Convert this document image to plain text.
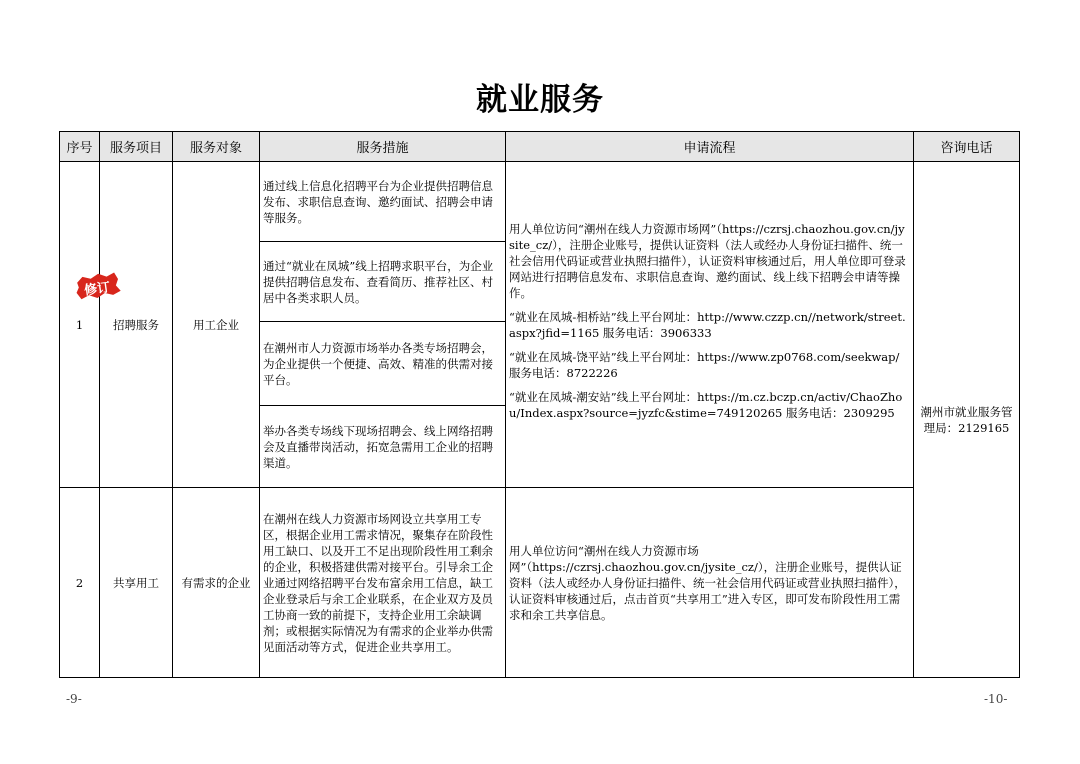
就业服务
序号	服务项目	服务对象	服务措施	申请流程	咨询电话
1	招聘服务	用工企业	通过线上信息化招聘平台为企业提供招聘信息发布、求职信息查询、邀约面试、招聘会申请等服务。	用人单位访问“潮州在线人力资源市场网”（https://czrsj.chaozhou.gov.cn/jysite_cz/），注册企业账号，提供认证资料（法人或经办人身份证扫描件、统一社会信用代码证或营业执照扫描件），认证资料审核通过后，用人单位即可登录网站进行招聘信息发布、求职信息查询、邀约面试、线上线下招聘会申请等操作。

“就业在凤城-相桥站”线上平台网址：http://www.czzp.cn//network/street.aspx?jfid=1165 服务电话：3906333

“就业在凤城-饶平站”线上平台网址：https://www.zp0768.com/seekwap/ 服务电话：8722226

“就业在凤城-潮安站”线上平台网址：https://m.cz.bczp.cn/activ/ChaoZhou/Index.aspx?source=jyzfc&stime=749120265 服务电话：2309295	潮州市就业服务管理局：2129165
			通过“就业在凤城”线上招聘求职平台，为企业提供招聘信息发布、查看简历、推荐社区、村居中各类求职人员。		
			在潮州市人力资源市场举办各类专场招聘会，为企业提供一个便捷、高效、精准的供需对接平台。		
			举办各类专场线下现场招聘会、线上网络招聘会及直播带岗活动，拓宽急需用工企业的招聘渠道。		
2	共享用工	有需求的企业	在潮州在线人力资源市场网设立共享用工专区，根据企业用工需求情况，聚集存在阶段性用工缺口、以及开工不足出现阶段性用工剩余的企业，积极搭建供需对接平台。引导余工企业通过网络招聘平台发布富余用工信息，缺工企业登录后与余工企业联系，在企业双方及员工协商一致的前提下，支持企业用工余缺调剂；或根据实际情况为有需求的企业举办供需见面活动等方式，促进企业共享用工。	用人单位访问“潮州在线人力资源市场网”（https://czrsj.chaozhou.gov.cn/jysite_cz/），注册企业账号，提供认证资料（法人或经办人身份证扫描件、统一社会信用代码证或营业执照扫描件），认证资料审核通过后，点击首页“共享用工”进入专区，即可发布阶段性用工需求和余工共享信息。	
修订
-9-	-10-
